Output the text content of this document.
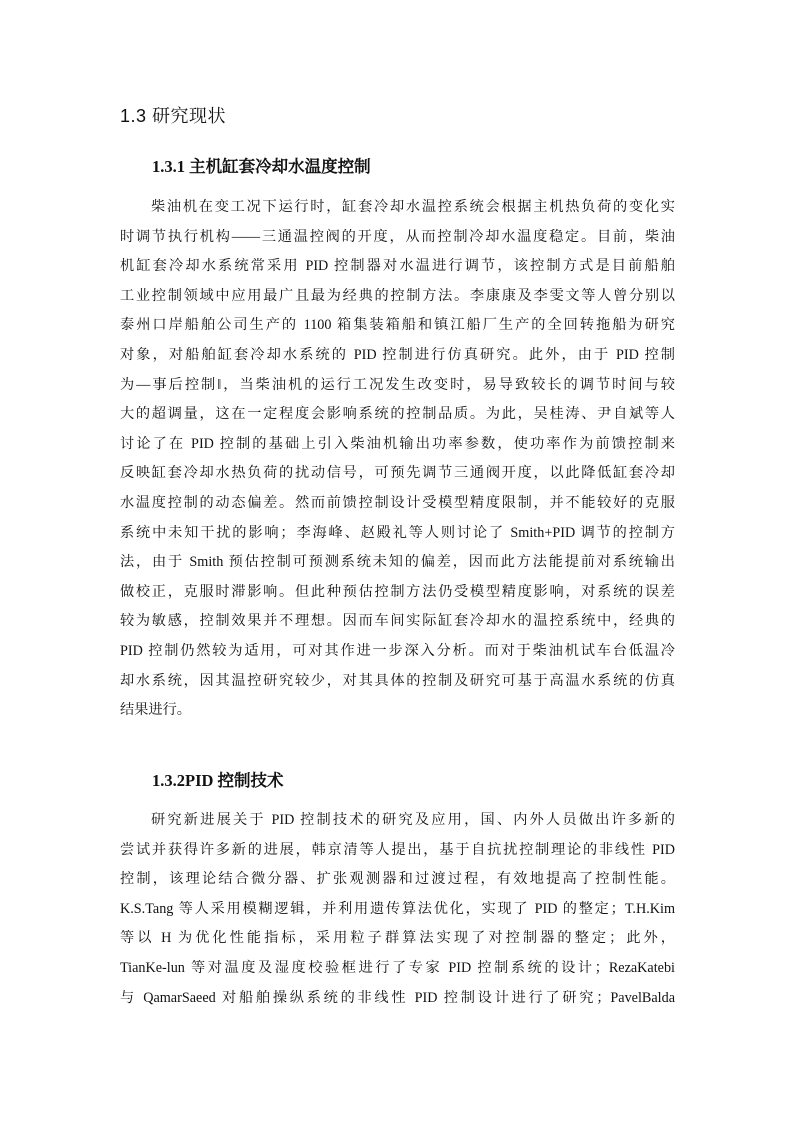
1.3 研究现状
1.3.1 主机缸套冷却水温度控制
柴油机在变工况下运行时，缸套冷却水温控系统会根据主机热负荷的变化实
时调节执行机构——三通温控阀的开度，从而控制冷却水温度稳定。目前，柴油
机缸套冷却水系统常采用 PID 控制器对水温进行调节，该控制方式是目前船舶
工业控制领域中应用最广且最为经典的控制方法。李康康及李雯文等人曾分别以
泰州口岸船舶公司生产的 1100 箱集装箱船和镇江船厂生产的全回转拖船为研究
对象，对船舶缸套冷却水系统的 PID 控制进行仿真研究。此外，由于 PID 控制
为—事后控制‖，当柴油机的运行工况发生改变时，易导致较长的调节时间与较
大的超调量，这在一定程度会影响系统的控制品质。为此，吴桂涛、尹自斌等人
讨论了在 PID 控制的基础上引入柴油机输出功率参数，使功率作为前馈控制来
反映缸套冷却水热负荷的扰动信号，可预先调节三通阀开度，以此降低缸套冷却
水温度控制的动态偏差。然而前馈控制设计受模型精度限制，并不能较好的克服
系统中未知干扰的影响；李海峰、赵殿礼等人则讨论了 Smith+PID 调节的控制方
法，由于 Smith 预估控制可预测系统未知的偏差，因而此方法能提前对系统输出
做校正，克服时滞影响。但此种预估控制方法仍受模型精度影响，对系统的误差
较为敏感，控制效果并不理想。因而车间实际缸套冷却水的温控系统中，经典的
PID 控制仍然较为适用，可对其作进一步深入分析。而对于柴油机试车台低温冷
却水系统，因其温控研究较少，对其具体的控制及研究可基于高温水系统的仿真
结果进行。
1.3.2PID 控制技术
研究新进展关于 PID 控制技术的研究及应用，国、内外人员做出许多新的
尝试并获得许多新的进展，韩京清等人提出，基于自抗扰控制理论的非线性 PID
控制，该理论结合微分器、扩张观测器和过渡过程，有效地提高了控制性能。
K.S.Tang 等人采用模糊逻辑，并利用遗传算法优化，实现了 PID 的整定；T.H.Kim
等以 H 为优化性能指标，采用粒子群算法实现了对控制器的整定；此外，
TianKe-lun 等对温度及湿度校验框进行了专家 PID 控制系统的设计；RezaKatebi
与 QamarSaeed 对船舶操纵系统的非线性 PID 控制设计进行了研究；PavelBalda
